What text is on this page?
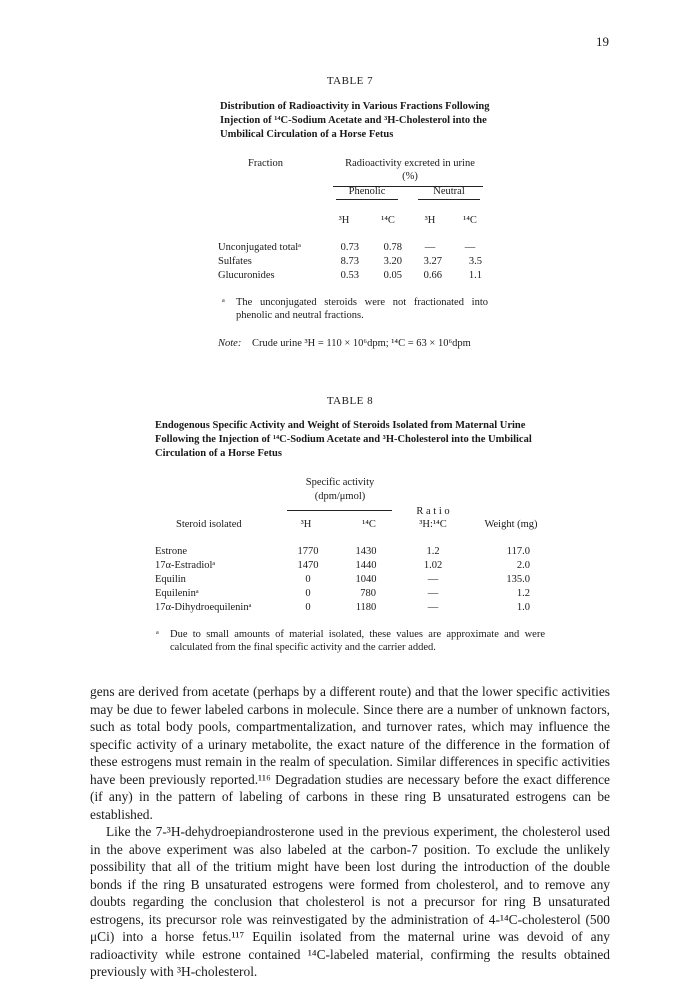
19
TABLE 7
Distribution of Radioactivity in Various Fractions Following Injection of ¹⁴C-Sodium Acetate and ³H-Cholesterol into the Umbilical Circulation of a Horse Fetus
Fraction	Radioactivity excreted in urine
(%)
Phenolic	Neutral
³H	¹⁴C	³H	¹⁴C
Unconjugated totalᵃ	0.73	0.78	—	—
Sulfates	8.73	3.20	3.27	3.5
Glucuronides	0.53	0.05	0.66	1.1
ᵃ The unconjugated steroids were not fractionated into phenolic and neutral fractions.
Note: Crude urine ³H = 110 × 10⁶dpm; ¹⁴C = 63 × 10⁶dpm
TABLE 8
Endogenous Specific Activity and Weight of Steroids Isolated from Maternal Urine Following the Injection of ¹⁴C-Sodium Acetate and ³H-Cholesterol into the Umbilical Circulation of a Horse Fetus
Specific activity
(dpm/μmol)
R a t i o
Steroid isolated	³H	¹⁴C	³H:¹⁴C	Weight (mg)
Estrone	1770	1430	1.2	117.0
17α-Estradiolᵃ	1470	1440	1.02	2.0
Equilin	0	1040	—	135.0
Equileninᵃ	0	780	—	1.2
17α-Dihydroequileninᵃ	0	1180	—	1.0
ᵃ Due to small amounts of material isolated, these values are approximate and were calculated from the final specific activity and the carrier added.

gens are derived from acetate (perhaps by a different route) and that the lower specific activities may be due to fewer labeled carbons in molecule. Since there are a number of unknown factors, such as total body pools, compartmentalization, and turnover rates, which may influence the specific activity of a urinary metabolite, the exact nature of the difference in the formation of these estrogens must remain in the realm of speculation. Similar differences in specific activities have been previously reported.¹¹⁶ Degradation studies are necessary before the exact difference (if any) in the pattern of labeling of carbons in these ring B unsaturated estrogens can be established.

Like the 7-³H-dehydroepiandrosterone used in the previous experiment, the cholesterol used in the above experiment was also labeled at the carbon-7 position. To exclude the unlikely possibility that all of the tritium might have been lost during the introduction of the double bonds if the ring B unsaturated estrogens were formed from cholesterol, and to remove any doubts regarding the conclusion that cholesterol is not a precursor for ring B unsaturated estrogens, its precursor role was reinvestigated by the administration of 4-¹⁴C-cholesterol (500 μCi) into a horse fetus.¹¹⁷ Equilin isolated from the maternal urine was devoid of any radioactivity while estrone contained ¹⁴C-labeled material, confirming the results obtained previously with ³H-cholesterol.
